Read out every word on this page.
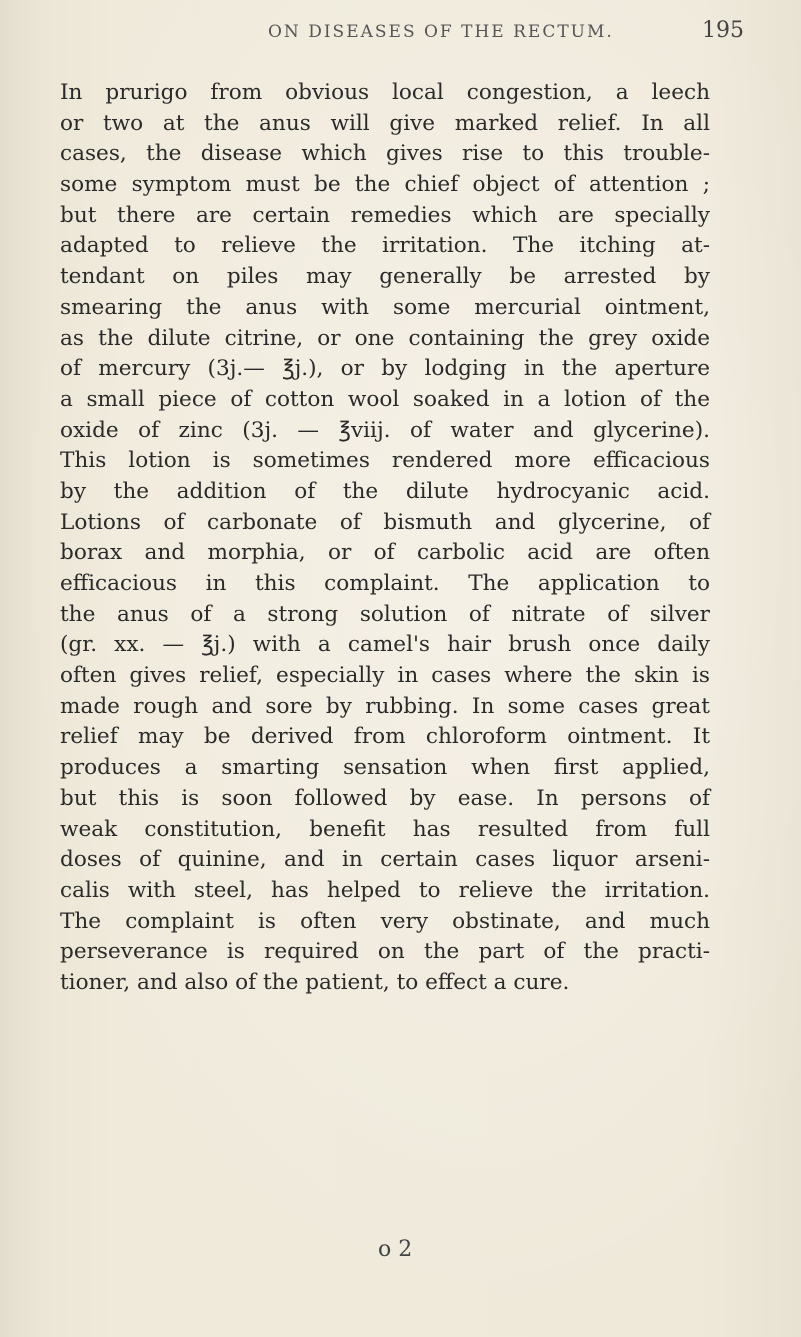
ON DISEASES OF THE RECTUM.	195
In prurigo from obvious local congestion, a leech
or two at the anus will give marked relief. In all
cases, the disease which gives rise to this trouble-
some symptom must be the chief object of attention ;
but there are certain remedies which are specially
adapted to relieve the irritation. The itching at-
tendant on piles may generally be arrested by
smearing the anus with some mercurial ointment,
as the dilute citrine, or one containing the grey oxide
of mercury (3j.— ℥j.), or by lodging in the aperture
a small piece of cotton wool soaked in a lotion of the
oxide of zinc (3j. — ℥viij. of water and glycerine).
This lotion is sometimes rendered more efficacious
by the addition of the dilute hydrocyanic acid.
Lotions of carbonate of bismuth and glycerine, of
borax and morphia, or of carbolic acid are often
efficacious in this complaint. The application to
the anus of a strong solution of nitrate of silver
(gr. xx. — ℥j.) with a camel's hair brush once daily
often gives relief, especially in cases where the skin is
made rough and sore by rubbing. In some cases great
relief may be derived from chloroform ointment. It
produces a smarting sensation when first applied,
but this is soon followed by ease. In persons of
weak constitution, benefit has resulted from full
doses of quinine, and in certain cases liquor arseni-
calis with steel, has helped to relieve the irritation.
The complaint is often very obstinate, and much
perseverance is required on the part of the practi-
tioner, and also of the patient, to effect a cure.
o 2
